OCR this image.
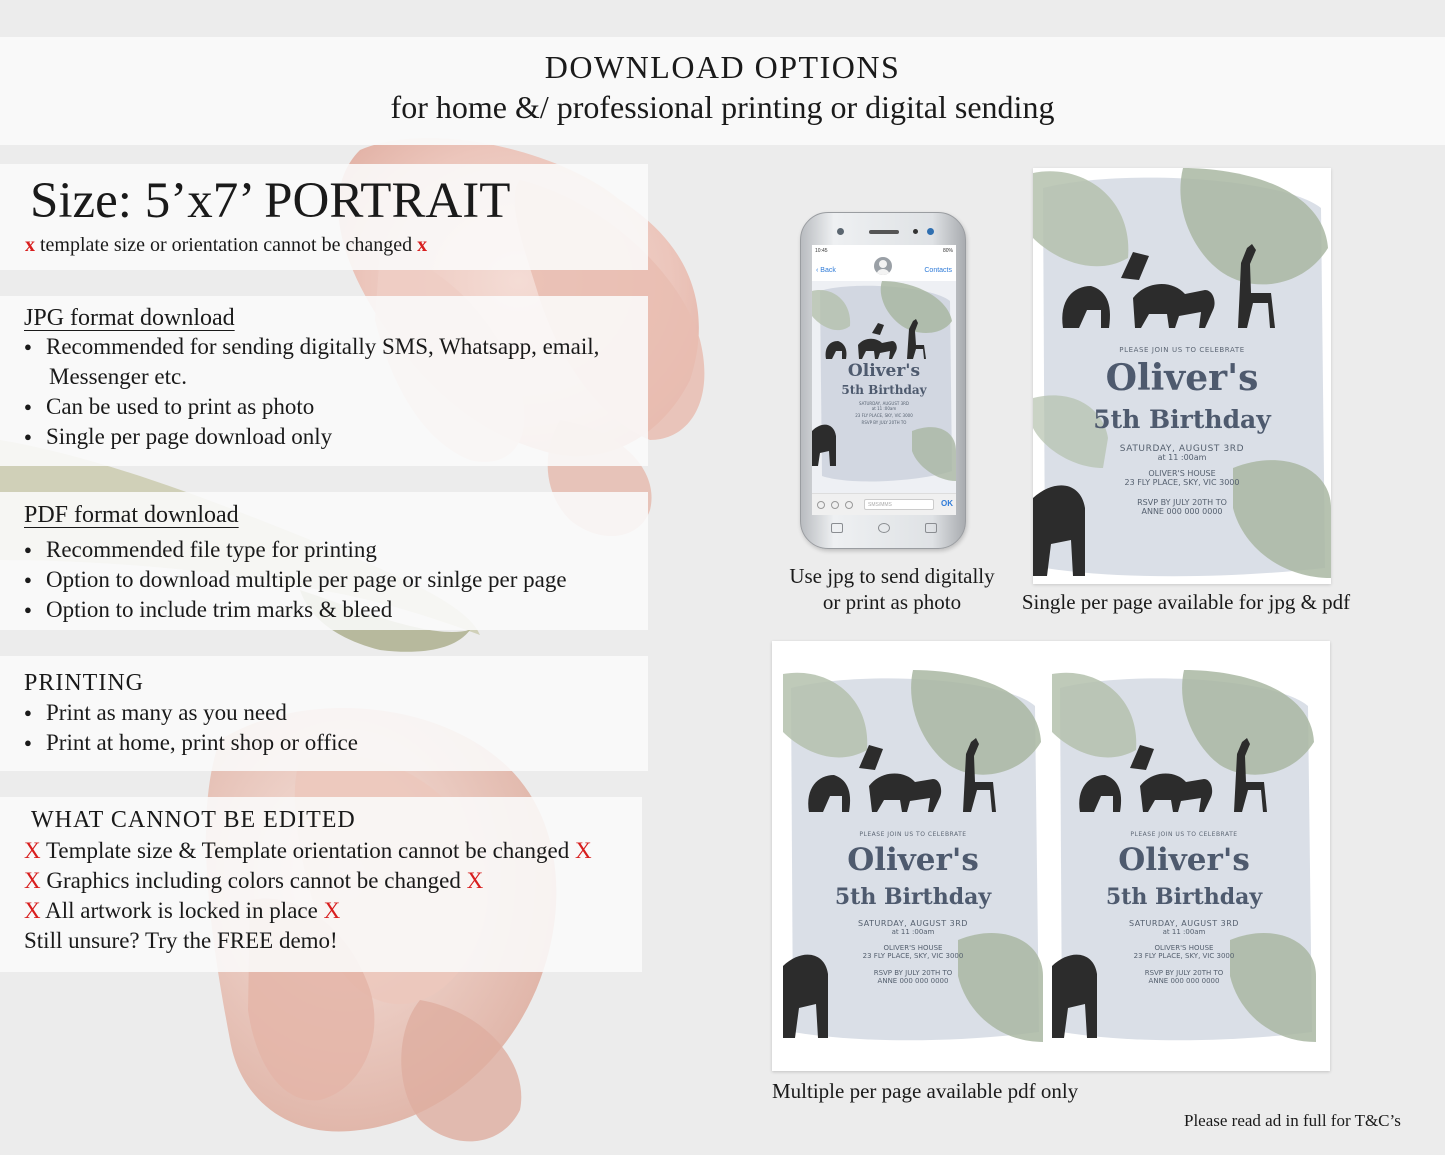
DOWNLOAD OPTIONS
for home &/ professional printing or digital sending
Size: 5’x7’ PORTRAIT
x template size or orientation cannot be changed x
JPG format download
● Recommended for sending digitally SMS, Whatsapp, email,
Messenger etc.
● Can be used to print as photo
● Single per page download only
PDF format download
● Recommended file type for printing
● Option to download multiple per page or sinlge per page
● Option to include trim marks & bleed
PRINTING
● Print as many as you need
● Print at home, print shop or office
WHAT CANNOT BE EDITED
X Template size & Template orientation cannot be changed X
X Graphics including colors cannot be changed X
X All artwork is locked in place X
Still unsure? Try the FREE demo!
10:45	80%
‹ Back	Contacts
Oliver's
5th Birthday
SATURDAY, AUGUST 3RD
at 11 :00am
23 FLY PLACE, SKY, VIC 3000
RSVP BY JULY 20TH TO
SMS/MMS	OK
PLEASE JOIN US TO CELEBRATE
Oliver's
5th Birthday
SATURDAY, AUGUST 3RD
at 11 :00am
OLIVER'S HOUSE
23 FLY PLACE, SKY, VIC 3000
RSVP BY JULY 20TH TO
ANNE 000 000 0000
PLEASE JOIN US TO CELEBRATE
Oliver's
5th Birthday
SATURDAY, AUGUST 3RD
at 11 :00am
OLIVER'S HOUSE
23 FLY PLACE, SKY, VIC 3000
RSVP BY JULY 20TH TO
ANNE 000 000 0000
PLEASE JOIN US TO CELEBRATE
Oliver's
5th Birthday
SATURDAY, AUGUST 3RD
at 11 :00am
OLIVER'S HOUSE
23 FLY PLACE, SKY, VIC 3000
RSVP BY JULY 20TH TO
ANNE 000 000 0000
Use jpg to send digitally
or print as photo	Single per page available for jpg & pdf
Multiple per page available pdf only
Please read ad in full for T&C’s
